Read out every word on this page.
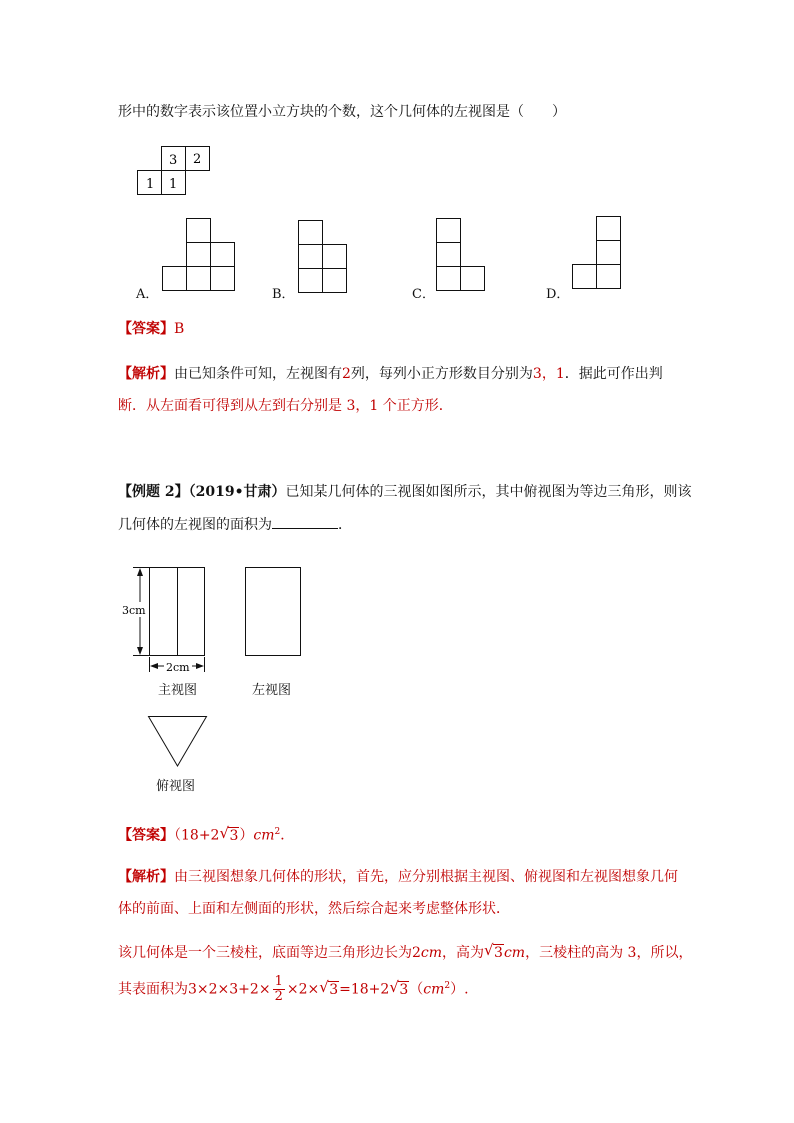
形中的数字表示该位置小立方块的个数，这个几何体的左视图是（　　）
3 2
1 1
A．	B．	C．	D．
【答案】B
【解析】由已知条件可知，左视图有2列，每列小正方形数目分别为3，1．据此可作出判
断．从左面看可得到从左到右分别是 3，1 个正方形．
【例题 2】（2019•甘肃）已知某几何体的三视图如图所示，其中俯视图为等边三角形，则该
几何体的左视图的面积为	．
3cm
2cm
主视图	左视图
俯视图
【答案】（18+2 √ $3)cm^2$．
【解析】由三视图想象几何体的形状，首先，应分别根据主视图、俯视图和左视图想象几何
体的前面、上面和左侧面的形状，然后综合起来考虑整体形状．
该几何体是一个三棱柱，底面等边三角形边长为2cm，高为 √ 3cm，三棱柱的高为 3，所以，
其表面积为$3\times 2\times 3+2\times \frac{1}{2} \times 2\times$ √ 3=18+2 √ $3(cm^2)$.
